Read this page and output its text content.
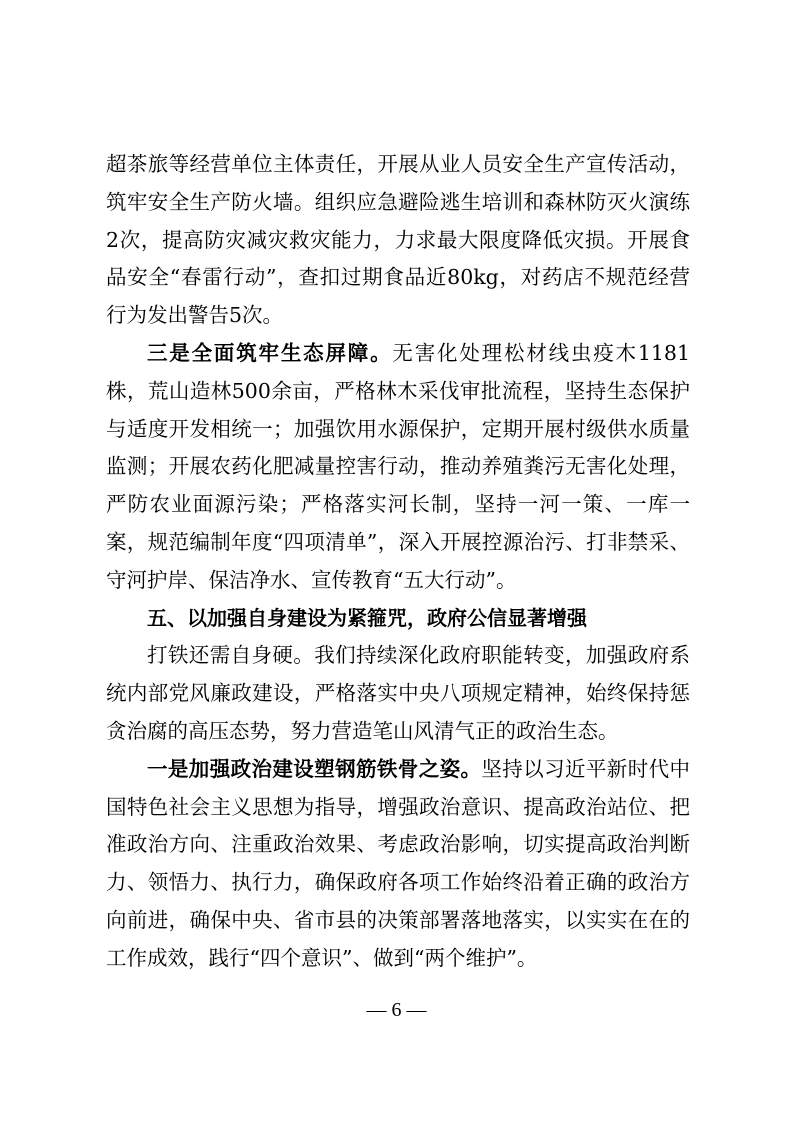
超茶旅等经营单位主体责任，开展从业人员安全生产宣传活动，筑牢安全生产防火墙。组织应急避险逃生培训和森林防灭火演练2次，提高防灾减灾救灾能力，力求最大限度降低灾损。开展食品安全“春雷行动”，查扣过期食品近80kg，对药店不规范经营行为发出警告5次。

三是全面筑牢生态屏障。无害化处理松材线虫疫木1181株，荒山造林500余亩，严格林木采伐审批流程，坚持生态保护与适度开发相统一；加强饮用水源保护，定期开展村级供水质量监测；开展农药化肥减量控害行动，推动养殖粪污无害化处理，严防农业面源污染；严格落实河长制，坚持一河一策、一库一案，规范编制年度“四项清单”，深入开展控源治污、打非禁采、守河护岸、保洁净水、宣传教育“五大行动”。

五、以加强自身建设为紧箍咒，政府公信显著增强

打铁还需自身硬。我们持续深化政府职能转变，加强政府系统内部党风廉政建设，严格落实中央八项规定精神，始终保持惩贪治腐的高压态势，努力营造笔山风清气正的政治生态。

一是加强政治建设塑钢筋铁骨之姿。坚持以习近平新时代中国特色社会主义思想为指导，增强政治意识、提高政治站位、把准政治方向、注重政治效果、考虑政治影响，切实提高政治判断力、领悟力、执行力，确保政府各项工作始终沿着正确的政治方向前进，确保中央、省市县的决策部署落地落实，以实实在在的工作成效，践行“四个意识”、做到“两个维护”。

— 6 —
